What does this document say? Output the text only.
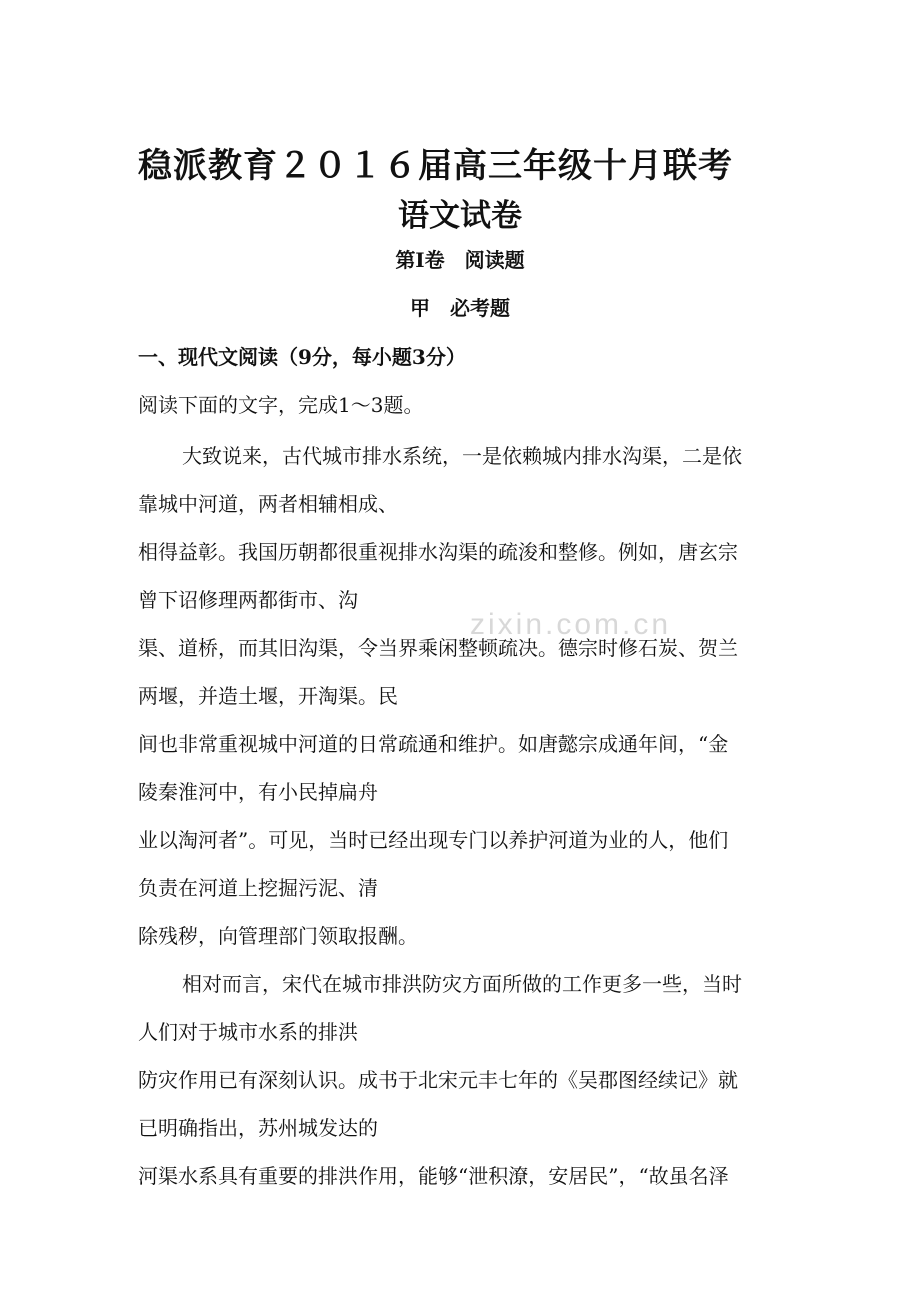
稳派教育２０１６届高三年级十月联考
语文试卷
第Ⅰ卷　阅读题
甲　必考题
一、现代文阅读（9分，每小题3分）
阅读下面的文字，完成1～3题。
大致说来，古代城市排水系统，一是依赖城内排水沟渠，二是依
靠城中河道，两者相辅相成、
相得益彰。我国历朝都很重视排水沟渠的疏浚和整修。例如，唐玄宗
曾下诏修理两都街市、沟
渠、道桥，而其旧沟渠，令当界乘闲整顿疏决。德宗时修石炭、贺兰
两堰，并造土堰，开淘渠。民
间也非常重视城中河道的日常疏通和维护。如唐懿宗成通年间，“金
陵秦淮河中，有小民掉扁舟
业以淘河者”。可见，当时已经出现专门以养护河道为业的人，他们
负责在河道上挖掘污泥、清
除残秽，向管理部门领取报酬。
相对而言，宋代在城市排洪防灾方面所做的工作更多一些，当时
人们对于城市水系的排洪
防灾作用已有深刻认识。成书于北宋元丰七年的《吴郡图经续记》就
已明确指出，苏州城发达的
河渠水系具有重要的排洪作用，能够“泄积潦，安居民”，“故虽名泽
zixin.com.cn
